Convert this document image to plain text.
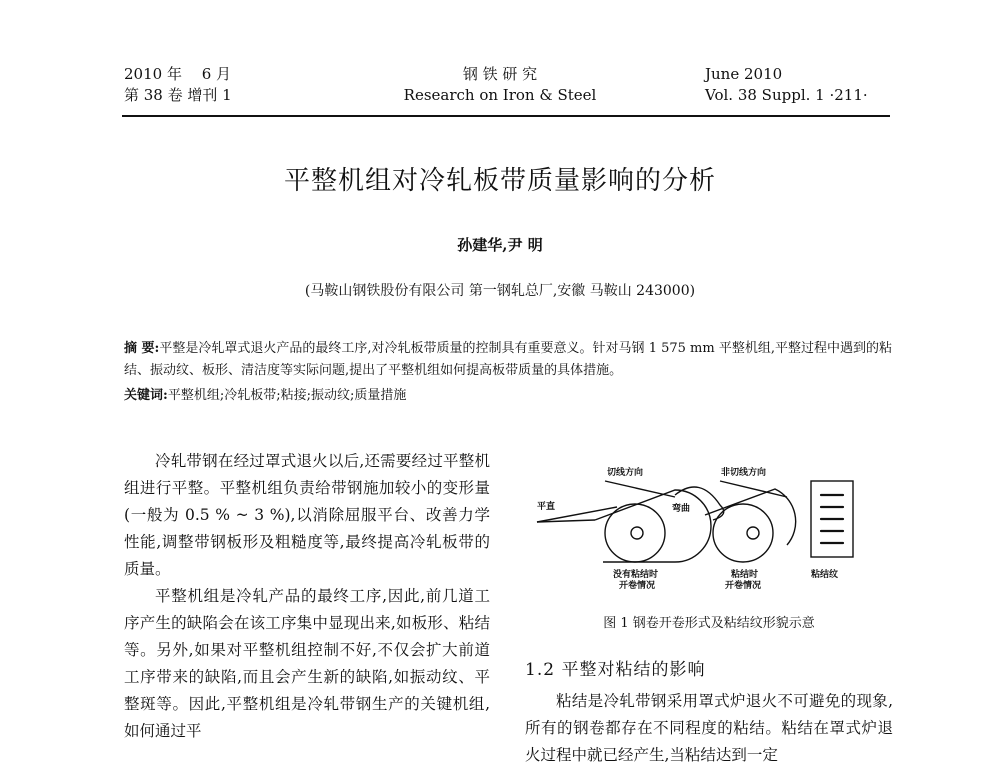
2010 年　 6 月
第 38 卷 增刊 1
钢 铁 研 究
Research on Iron & Steel
June 2010
Vol. 38 Suppl. 1 ·211·
平整机组对冷轧板带质量影响的分析
孙建华,尹 明
(马鞍山钢铁股份有限公司 第一钢轧总厂,安徽 马鞍山 243000)
摘 要:平整是冷轧罩式退火产品的最终工序,对冷轧板带质量的控制具有重要意义。针对马钢 1 575 mm 平整机组,平整过程中遇到的粘结、振动纹、板形、清洁度等实际问题,提出了平整机组如何提高板带质量的具体措施。
关键词:平整机组;冷轧板带;粘接;振动纹;质量措施

冷轧带钢在经过罩式退火以后,还需要经过平整机组进行平整。平整机组负责给带钢施加较小的变形量(一般为 0.5 % ~ 3 %),以消除屈服平台、改善力学性能,调整带钢板形及粗糙度等,最终提高冷轧板带的质量。

平整机组是冷轧产品的最终工序,因此,前几道工序产生的缺陷会在该工序集中显现出来,如板形、粘结等。另外,如果对平整机组控制不好,不仅会扩大前道工序带来的缺陷,而且会产生新的缺陷,如振动纹、平整斑等。因此,平整机组是冷轧带钢生产的关键机组, 如何通过平

切线方向	非切线方向
平直	弯曲
没有粘结时
开卷情况
粘结时
开卷情况
粘结纹
图 1 钢卷开卷形式及粘结纹形貌示意
1.2 平整对粘结的影响

粘结是冷轧带钢采用罩式炉退火不可避免的现象,所有的钢卷都存在不同程度的粘结。粘结在罩式炉退火过程中就已经产生,当粘结达到一定
